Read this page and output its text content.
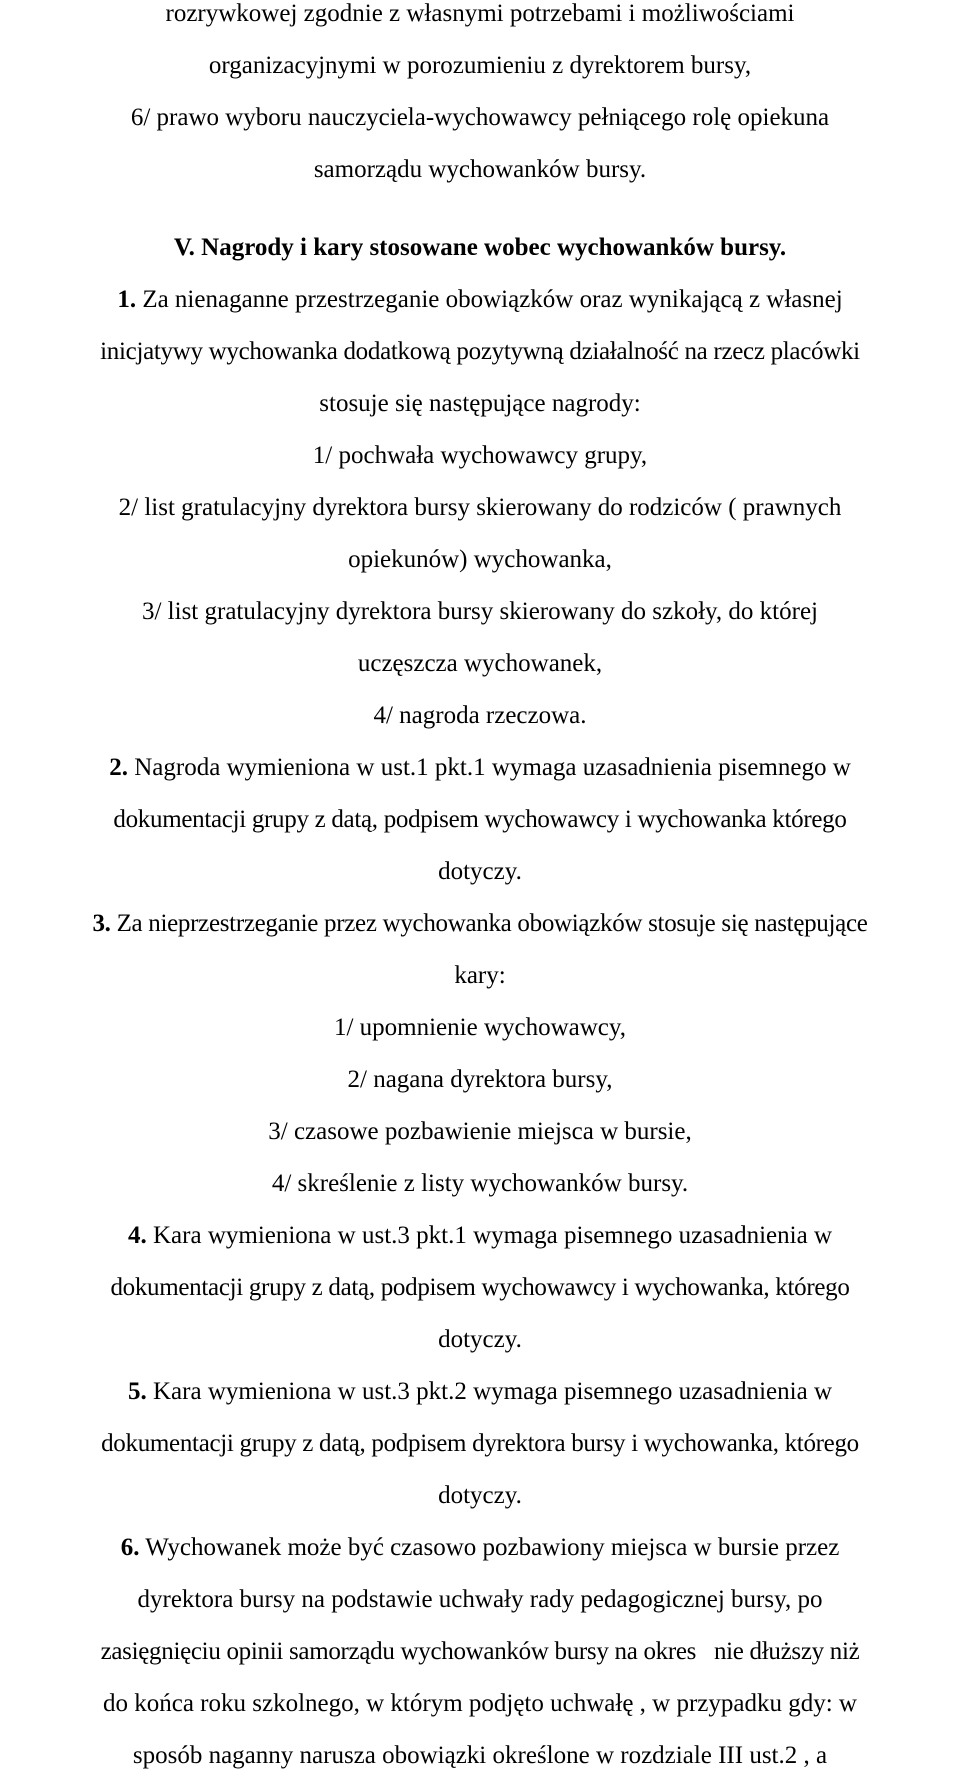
rozrywkowej zgodnie z własnymi potrzebami i możliwościami

organizacyjnymi w porozumieniu z dyrektorem bursy,

6/ prawo wyboru nauczyciela-wychowawcy pełniącego rolę opiekuna

samorządu wychowanków bursy.

V. Nagrody i kary stosowane wobec wychowanków bursy.

1. Za nienaganne przestrzeganie obowiązków oraz wynikającą z własnej

inicjatywy wychowanka dodatkową pozytywną działalność na rzecz placówki

stosuje się następujące nagrody:

1/ pochwała wychowawcy grupy,

2/ list gratulacyjny dyrektora bursy skierowany do rodziców ( prawnych

opiekunów) wychowanka,

3/ list gratulacyjny dyrektora bursy skierowany do szkoły, do której

uczęszcza wychowanek,

4/ nagroda rzeczowa.

2. Nagroda wymieniona w ust.1 pkt.1 wymaga uzasadnienia pisemnego w

dokumentacji grupy z datą, podpisem wychowawcy i wychowanka którego

dotyczy.

3. Za nieprzestrzeganie przez wychowanka obowiązków stosuje się następujące

kary:

1/ upomnienie wychowawcy,

2/ nagana dyrektora bursy,

3/ czasowe pozbawienie miejsca w bursie,

4/ skreślenie z listy wychowanków bursy.

4. Kara wymieniona w ust.3 pkt.1 wymaga pisemnego uzasadnienia w

dokumentacji grupy z datą, podpisem wychowawcy i wychowanka, którego

dotyczy.

5. Kara wymieniona w ust.3 pkt.2 wymaga pisemnego uzasadnienia w

dokumentacji grupy z datą, podpisem dyrektora bursy i wychowanka, którego

dotyczy.

6. Wychowanek może być czasowo pozbawiony miejsca w bursie przez

dyrektora bursy na podstawie uchwały rady pedagogicznej bursy, po

zasięgnięciu opinii samorządu wychowanków bursy na okres   nie dłuższy niż

do końca roku szkolnego, w którym podjęto uchwałę , w przypadku gdy: w

sposób naganny narusza obowiązki określone w rozdziale III ust.2 , a
